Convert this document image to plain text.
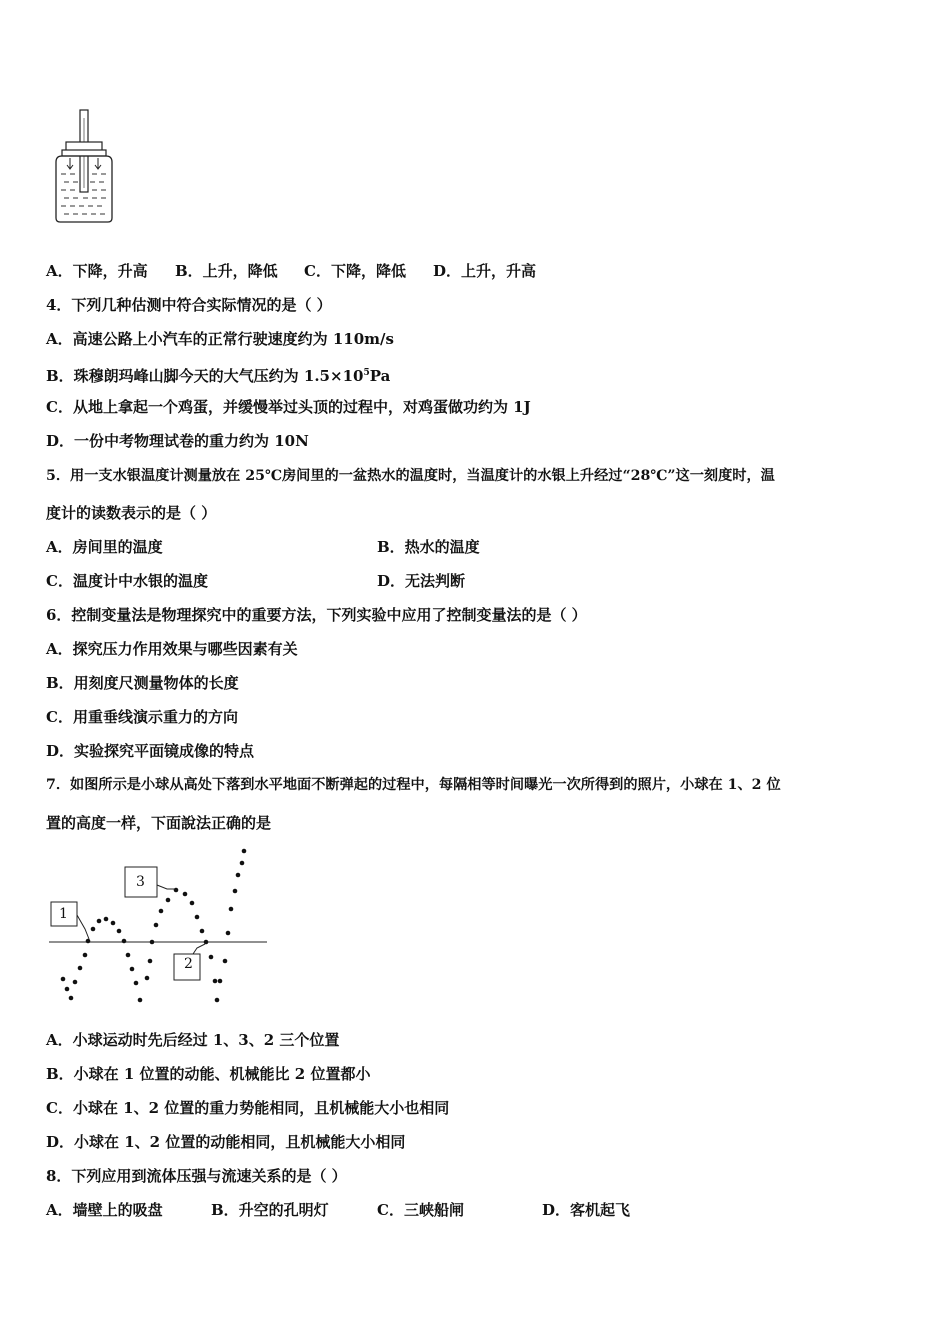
A．下降，升高 B．上升，降低 C．下降，降低 D．上升，升高
4．下列几种估测中符合实际情况的是（ ）
A．高速公路上小汽车的正常行驶速度约为 110m/s
B．珠穆朗玛峰山脚今天的大气压约为 $1.5\times 10^5Pa$
C．从地上拿起一个鸡蛋，并缓慢举过头顶的过程中，对鸡蛋做功约为 1J
D．一份中考物理试卷的重力约为 10N
5．用一支水银温度计测量放在 25℃房间里的一盆热水的温度时，当温度计的水银上升经过“28℃”这一刻度时，温
度计的读数表示的是（ ）
A．房间里的温度	B．热水的温度
C．温度计中水银的温度	D．无法判断
6．控制变量法是物理探究中的重要方法，下列实验中应用了控制变量法的是（ ）
A．探究压力作用效果与哪些因素有关
B．用刻度尺测量物体的长度
C．用重垂线演示重力的方向
D．实验探究平面镜成像的特点
7．如图所示是小球从高处下落到水平地面不断弹起的过程中，每隔相等时间曝光一次所得到的照片，小球在 1、2 位
置的高度一样，下面說法正确的是
1
2
3
A．小球运动时先后经过 1、3、2 三个位置
B．小球在 1 位置的动能、机械能比 2 位置都小
C．小球在 1、2 位置的重力势能相同，且机械能大小也相同
D．小球在 1、2 位置的动能相同，且机械能大小相同
8．下列应用到流体压强与流速关系的是（ ）
A．墙壁上的吸盘	B．升空的孔明灯	C．三峡船闸	D．客机起飞
